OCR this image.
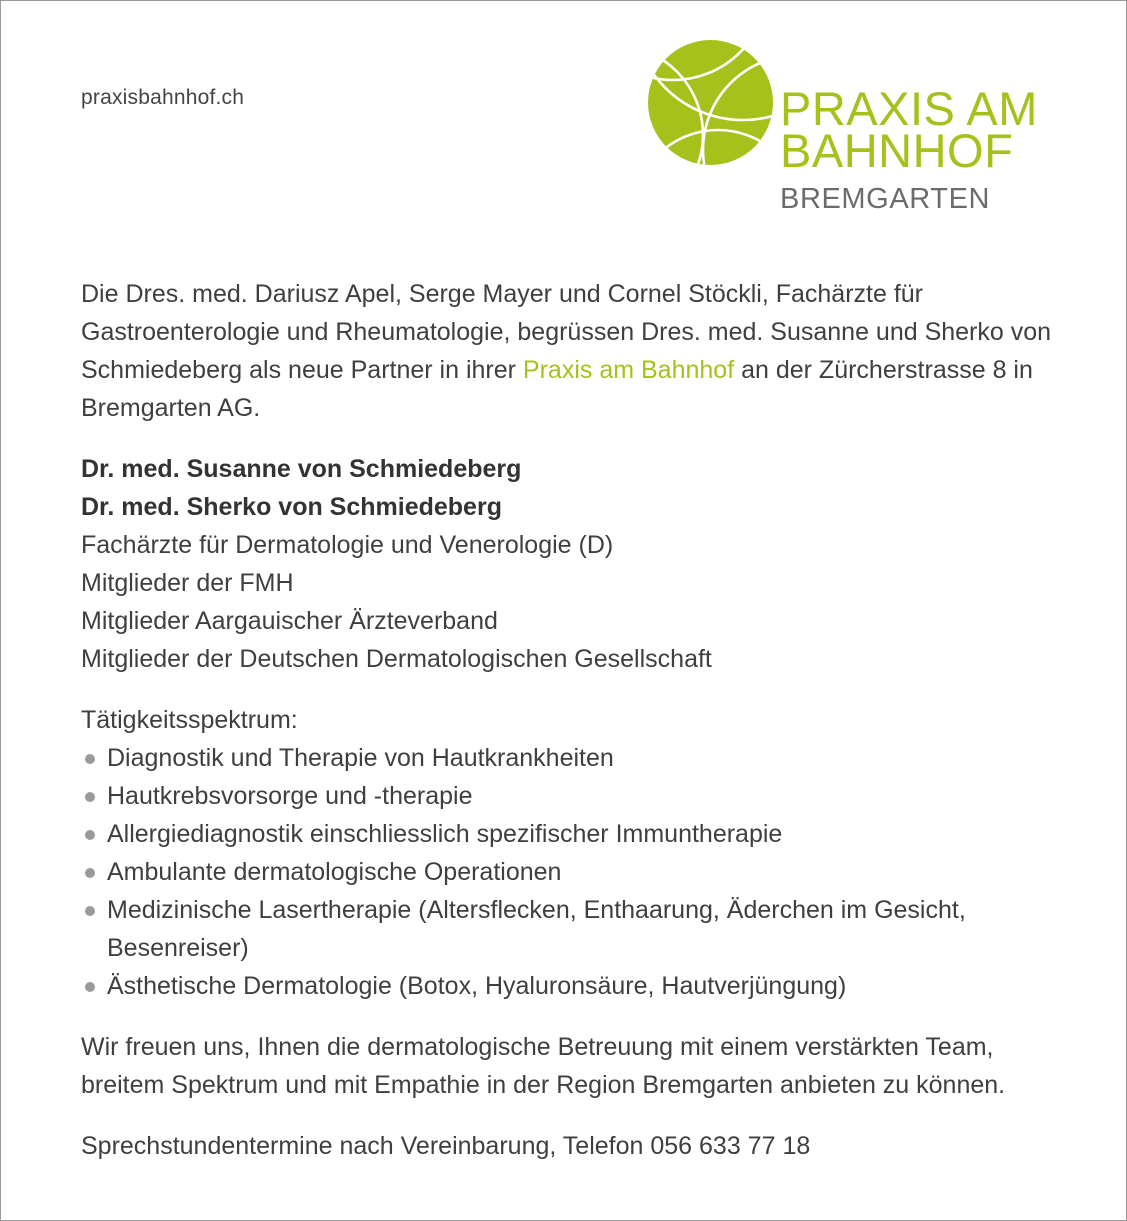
praxisbahnhof.ch	PRAXIS AM
BAHNHOF
BREMGARTEN

Die Dres. med. Dariusz Apel, Serge Mayer und Cornel Stöckli, Fachärzte für Gastroenterologie und Rheumatologie, begrüssen Dres. med. Susanne und Sherko von Schmiedeberg als neue Partner in ihrer Praxis am Bahnhof an der Zürcherstrasse 8 in Bremgarten AG.

Dr. med. Susanne von Schmiedeberg
Dr. med. Sherko von Schmiedeberg
Fachärzte für Dermatologie und Venerologie (D)
Mitglieder der FMH
Mitglieder Aargauischer Ärzteverband
Mitglieder der Deutschen Dermatologischen Gesellschaft
Tätigkeitsspektrum:
Diagnostik und Therapie von Hautkrankheiten
Hautkrebsvorsorge und -therapie
Allergiediagnostik einschliesslich spezifischer Immuntherapie
Ambulante dermatologische Operationen
Medizinische Lasertherapie (Altersflecken, Enthaarung, Äderchen im Gesicht, Besenreiser)
Ästhetische Dermatologie (Botox, Hyaluronsäure, Hautverjüngung)

Wir freuen uns, Ihnen die dermatologische Betreuung mit einem verstärkten Team, breitem Spektrum und mit Empathie in der Region Bremgarten anbieten zu können.

Sprechstundentermine nach Vereinbarung, Telefon 056 633 77 18
